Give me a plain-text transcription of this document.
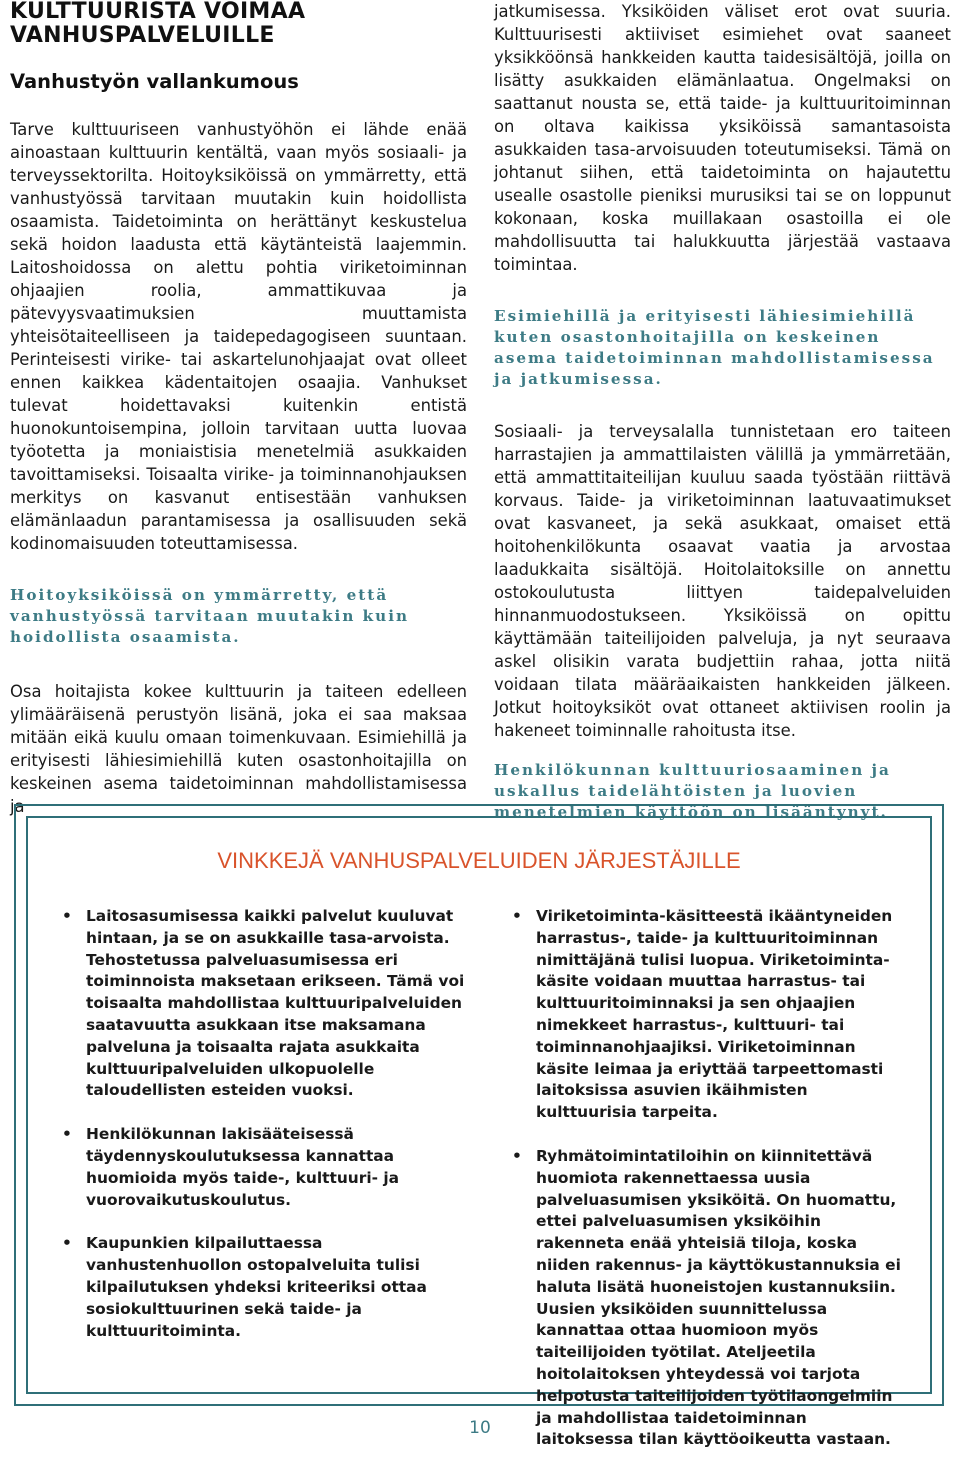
KULTTUURISTA VOIMAA
VANHUSPALVELUILLE
Vanhustyön vallankumous

Tarve kulttuuriseen vanhustyöhön ei lähde enää ainoastaan kulttuurin kentältä, vaan myös sosiaali- ja terveyssektorilta. Hoitoyksiköissä on ymmärretty, että vanhustyössä tarvitaan muutakin kuin hoidollista osaamista. Taidetoiminta on herättänyt keskustelua sekä hoidon laadusta että käytänteistä laajemmin. Laitoshoidossa on alettu pohtia viriketoiminnan ohjaajien roolia, ammattikuvaa ja pätevyysvaatimuksien muuttamista yhteisötaiteelliseen ja taidepedagogiseen suuntaan. Perinteisesti virike- tai askartelunohjaajat ovat olleet ennen kaikkea kädentaitojen osaajia. Vanhukset tulevat hoidettavaksi kuitenkin entistä huonokuntoisempina, jolloin tarvitaan uutta luovaa työotetta ja moniaistisia menetelmiä asukkaiden tavoittamiseksi. Toisaalta virike- ja toiminnanohjauksen merkitys on kasvanut entisestään vanhuksen elämänlaadun parantamisessa ja osallisuuden sekä kodinomaisuuden toteuttamisessa.

Hoitoyksiköissä on ymmärretty, että vanhustyössä tarvitaan muutakin kuin hoidollista osaamista.

Osa hoitajista kokee kulttuurin ja taiteen edelleen ylimääräisenä perustyön lisänä, joka ei saa maksaa mitään eikä kuulu omaan toimenkuvaan. Esimiehillä ja erityisesti lähiesimiehillä kuten osastonhoitajilla on keskeinen asema taidetoiminnan mahdollistamisessa ja

jatkumisessa. Yksiköiden väliset erot ovat suuria. Kulttuurisesti aktiiviset esimiehet ovat saaneet yksikköönsä hankkeiden kautta taidesisältöjä, joilla on lisätty asukkaiden elämänlaatua. Ongelmaksi on saattanut nousta se, että taide- ja kulttuuritoiminnan on oltava kaikissa yksiköissä samantasoista asukkaiden tasa-arvoisuuden toteutumiseksi. Tämä on johtanut siihen, että taidetoiminta on hajautettu usealle osastolle pieniksi murusiksi tai se on loppunut kokonaan, koska muillakaan osastoilla ei ole mahdollisuutta tai halukkuutta järjestää vastaava toimintaa.

Esimiehillä ja erityisesti lähiesimiehillä kuten osastonhoitajilla on keskeinen asema taidetoiminnan mahdollistamisessa ja jatkumisessa.

Sosiaali- ja terveysalalla tunnistetaan ero taiteen harrastajien ja ammattilaisten välillä ja ymmärretään, että ammattitaiteilijan kuuluu saada työstään riittävä korvaus. Taide- ja viriketoiminnan laatuvaatimukset ovat kasvaneet, ja sekä asukkaat, omaiset että hoitohenkilökunta osaavat vaatia ja arvostaa laadukkaita sisältöjä. Hoitolaitoksille on annettu ostokoulutusta liittyen taidepalveluiden hinnanmuodostukseen. Yksiköissä on opittu käyttämään taiteilijoiden palveluja, ja nyt seuraava askel olisikin varata budjettiin rahaa, jotta niitä voidaan tilata määräaikaisten hankkeiden jälkeen. Jotkut hoitoyksiköt ovat ottaneet aktiivisen roolin ja hakeneet toiminnalle rahoitusta itse.

Henkilökunnan kulttuuriosaaminen ja uskallus taidelähtöisten ja luovien menetelmien käyttöön on lisääntynyt.

VINKKEJÄ VANHUSPALVELUIDEN JÄRJESTÄJILLE
• Laitosasumisessa kaikki palvelut kuuluvat hintaan, ja se on asukkaille tasa-arvoista. Tehostetussa palveluasumisessa eri toiminnoista maksetaan erikseen. Tämä voi toisaalta mahdollistaa kulttuuripalveluiden saatavuutta asukkaan itse maksamana palveluna ja toisaalta rajata asukkaita kulttuuripalveluiden ulkopuolelle taloudellisten esteiden vuoksi.
• Henkilökunnan lakisääteisessä täydennyskoulutuksessa kannattaa huomioida myös taide-, kulttuuri- ja vuorovaikutuskoulutus.
• Kaupunkien kilpailuttaessa vanhustenhuollon ostopalveluita tulisi kilpailutuksen yhdeksi kriteeriksi ottaa sosiokulttuurinen sekä taide- ja kulttuuritoiminta.
• Viriketoiminta-käsitteestä ikääntyneiden harrastus-, taide- ja kulttuuritoiminnan nimittäjänä tulisi luopua. Viriketoiminta-käsite voidaan muuttaa harrastus- tai kulttuuritoiminnaksi ja sen ohjaajien nimekkeet harrastus-, kulttuuri- tai toiminnanohjaajiksi. Viriketoiminnan käsite leimaa ja eriyttää tarpeettomasti laitoksissa asuvien ikäihmisten kulttuurisia tarpeita.
• Ryhmätoimintatiloihin on kiinnitettävä huomiota rakennettaessa uusia palveluasumisen yksiköitä. On huomattu, ettei palveluasumisen yksiköihin rakenneta enää yhteisiä tiloja, koska niiden rakennus- ja käyttökustannuksia ei haluta lisätä huoneistojen kustannuksiin. Uusien yksiköiden suunnittelussa kannattaa ottaa huomioon myös taiteilijoiden työtilat. Ateljeetila hoitolaitoksen yhteydessä voi tarjota helpotusta taiteilijoiden työtilaongelmiin ja mahdollistaa taidetoiminnan laitoksessa tilan käyttöoikeutta vastaan.
10
